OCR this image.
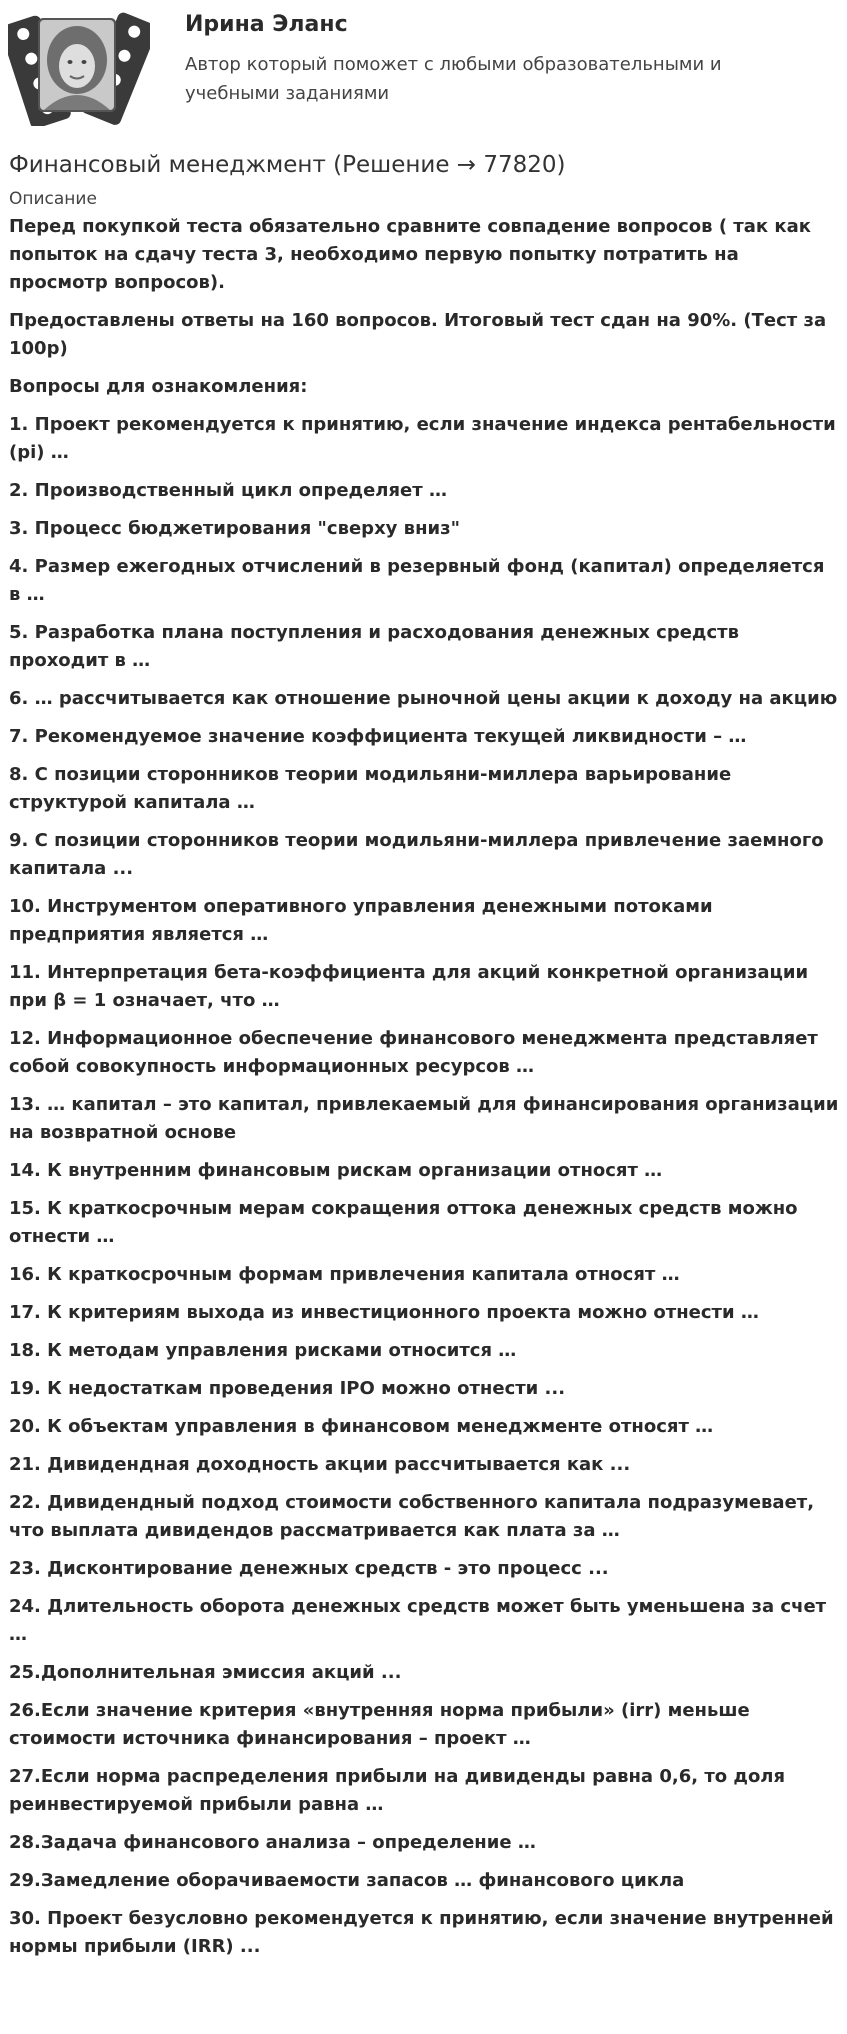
Ирина Эланс
Автор который поможет с любыми образовательными и учебными заданиями
Финансовый менеджмент (Решение → 77820)
Описание

Перед покупкой теста обязательно сравните совпадение вопросов ( так как попыток на сдачу теста 3, необходимо первую попытку потратить на просмотр вопросов).

Предоставлены ответы на 160 вопросов. Итоговый тест сдан на 90%. (Тест за 100р)

Вопросы для ознакомления:

1. Проект рекомендуется к принятию, если значение индекса рентабельности (pi) …

2. Производственный цикл определяет …

3. Процесс бюджетирования "сверху вниз"

4. Размер ежегодных отчислений в резервный фонд (капитал) определяется в …

5. Разработка плана поступления и расходования денежных средств проходит в …

6. … рассчитывается как отношение рыночной цены акции к доходу на акцию

7. Рекомендуемое значение коэффициента текущей ликвидности – …

8. С позиции сторонников теории модильяни-миллера варьирование структурой капитала …

9. С позиции сторонников теории модильяни-миллера привлечение заемного капитала ...

10. Инструментом оперативного управления денежными потоками предприятия является …

11. Интерпретация бета-коэффициента для акций конкретной организации при β = 1 означает, что …

12. Информационное обеспечение финансового менеджмента представляет собой совокупность информационных ресурсов …

13. … капитал – это капитал, привлекаемый для финансирования организации на возвратной основе

14. К внутренним финансовым рискам организации относят …

15. К краткосрочным мерам сокращения оттока денежных средств можно отнести …

16. К краткосрочным формам привлечения капитала относят …

17. К критериям выхода из инвестиционного проекта можно отнести …

18. К методам управления рисками относится …

19. К недостаткам проведения IPO можно отнести ...

20. К объектам управления в финансовом менеджменте относят …

21. Дивидендная доходность акции рассчитывается как ...

22. Дивидендный подход стоимости собственного капитала подразумевает, что выплата дивидендов рассматривается как плата за …

23. Дисконтирование денежных средств - это процесс ...

24. Длительность оборота денежных средств может быть уменьшена за счет …

25.Дополнительная эмиссия акций ...

26.Если значение критерия «внутренняя норма прибыли» (irr) меньше стоимости источника финансирования – проект …

27.Если норма распределения прибыли на дивиденды равна 0,6, то доля реинвестируемой прибыли равна …

28.Задача финансового анализа – определение …

29.Замедление оборачиваемости запасов … финансового цикла

30. Проект безусловно рекомендуется к принятию, если значение внутренней нормы прибыли (IRR) ...
